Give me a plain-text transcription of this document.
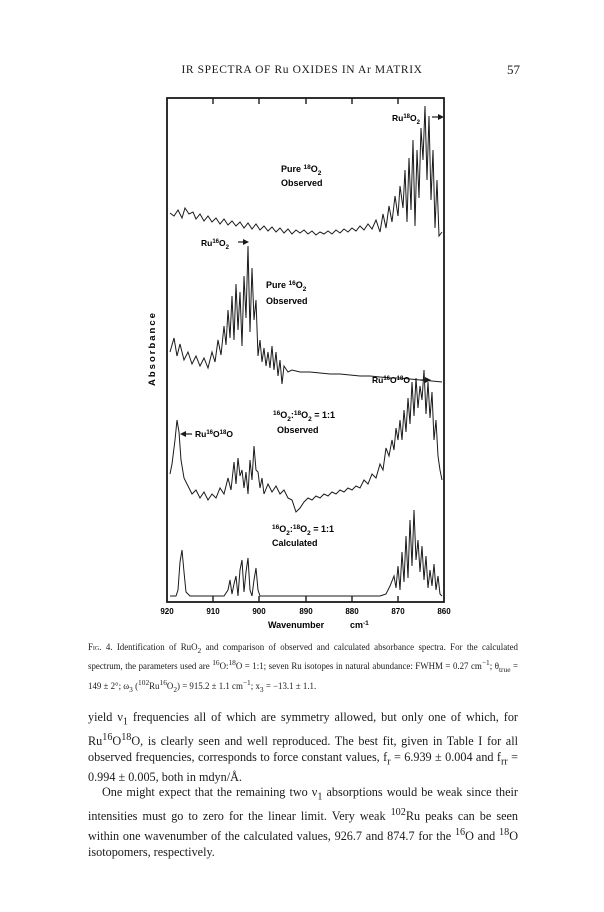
IR SPECTRA OF Ru OXIDES IN Ar MATRIX	57
$Ru^{18}O_2$
$Ru^{16}O_2$
$Ru^{16}O^{18}O$
$Ru^{16}O^{18}O$
Pure $^{18}O_2$
Observed
Pure $^{16}O_2$
Observed
$^{16}O_2:^{18}O_2$ = 1:1
Observed
$^{16}O_2:^{18}O_2$ = 1:1
Calculated
Absorbance
920	910	900	890	880	870	860
Wavenumber	$cm^{-1}$
Fig. 4. Identification of RuO$_2$ and comparison of observed and calculated absorbance spectra. For the calculated spectrum, the parameters used are $^{16}$O:$^{18}$O = 1:1; seven Ru isotopes in natural abundance: FWHM = 0.27 $cm^{-1}$; $\theta_{true} = 149 \pm 2^\circ$; $\omega_3$ $(^{102}Ru^{16}O_2) = 915.2 \pm 1.1$ $cm^{-1}$; $x_3 = -13.1 \pm 1.1$.

yield $\nu_1$ frequencies all of which are symmetry allowed, but only one of which, for $Ru^{16}O^{18}O$, is clearly seen and well reproduced. The best fit, given in Table I for all observed frequencies, corresponds to force constant values, $f_r = 6.939 \pm 0.004$ and $f_{rr} = 0.994 \pm 0.005$, both in mdyn/Å.

One might expect that the remaining two $\nu_1$ absorptions would be weak since their intensities must go to zero for the linear limit. Very weak $^{102}$Ru peaks can be seen within one wavenumber of the calculated values, 926.7 and 874.7 for the $^{16}$O and $^{18}$O isotopomers, respectively.
